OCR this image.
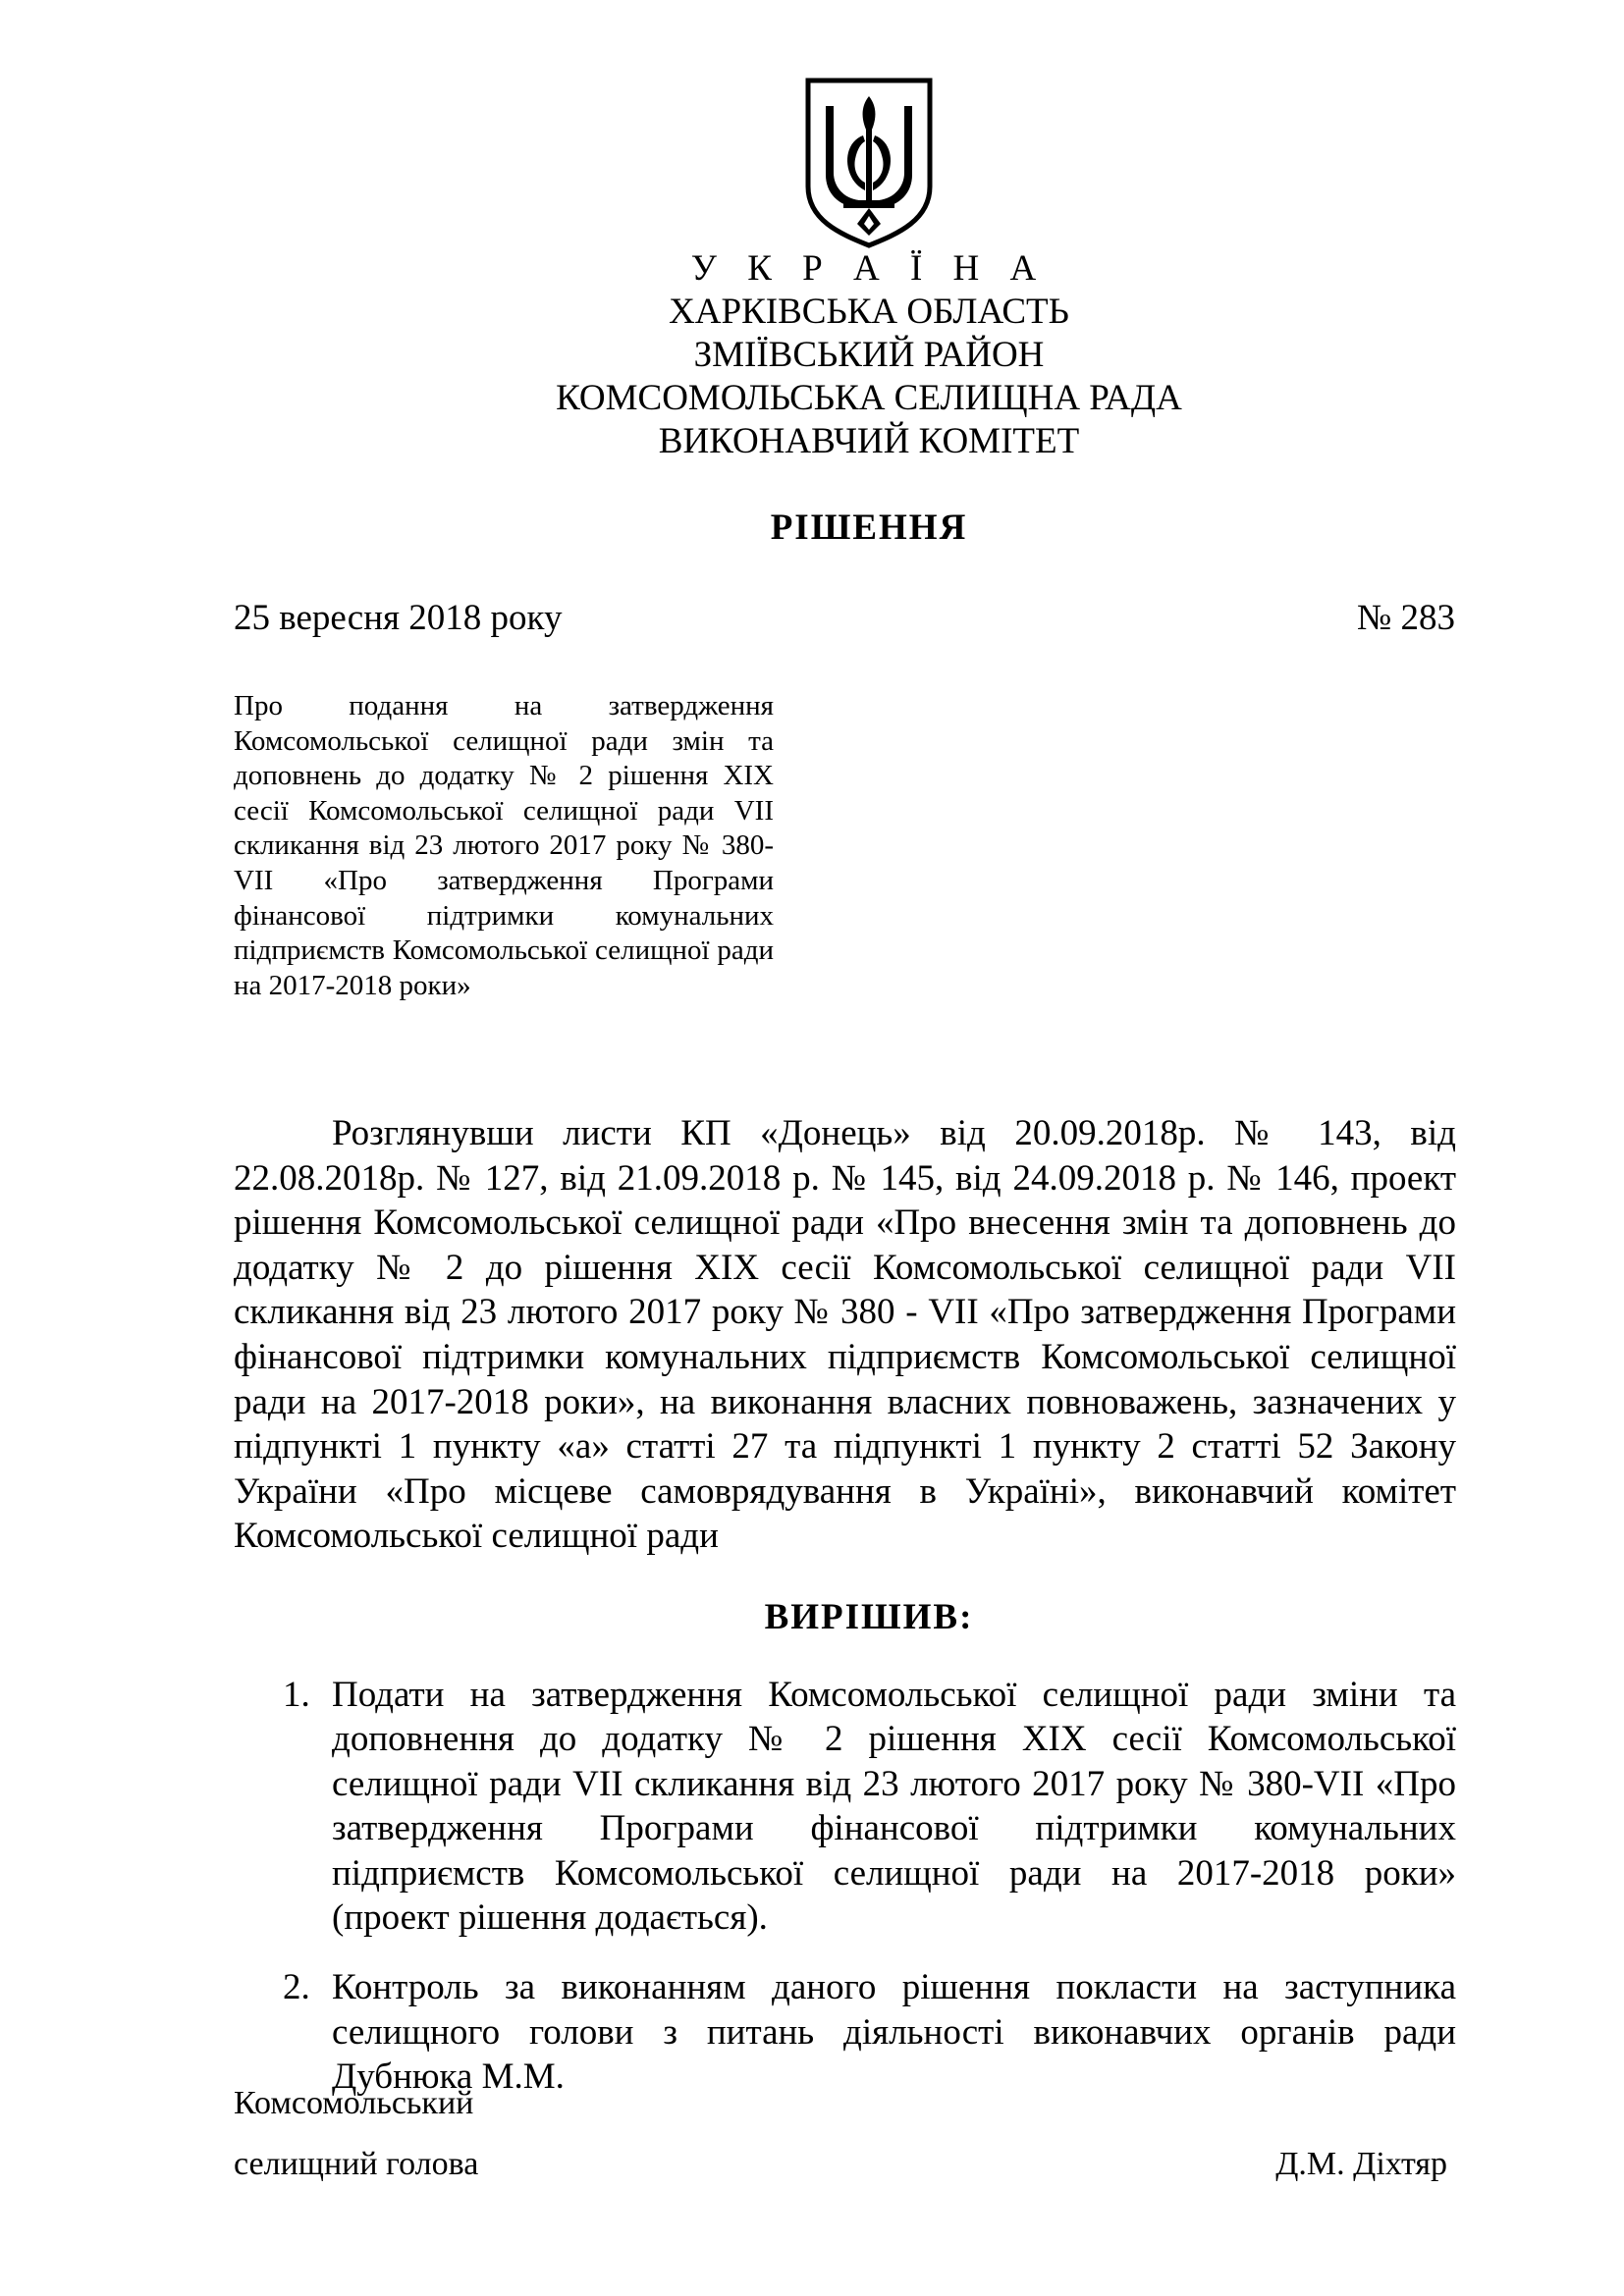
У К Р А Ї Н А
ХАРКІВСЬКА ОБЛАСТЬ
ЗМІЇВСЬКИЙ РАЙОН
КОМСОМОЛЬСЬКА СЕЛИЩНА РАДА
ВИКОНАВЧИЙ КОМІТЕТ
РІШЕННЯ
25 вересня 2018 року	№ 283
Про подання на затвердження Комсомольської селищної ради змін та доповнень до додатку № 2 рішення ХІХ сесії Комсомольської селищної ради VII скликання від 23 лютого 2017 року № 380-VII «Про затвердження Програми фінансової підтримки комунальних підприємств Комсомольської селищної ради на 2017-2018 роки»
Розглянувши листи КП «Донець» від 20.09.2018р. № 143, від 22.08.2018р. № 127, від 21.09.2018 р. № 145, від 24.09.2018 р. № 146, проект рішення Комсомольської селищної ради «Про внесення змін та доповнень до додатку № 2 до рішення ХІХ сесії Комсомольської селищної ради VII скликання від 23 лютого 2017 року № 380 - VII «Про затвердження Програми фінансової підтримки комунальних підприємств Комсомольської селищної ради на 2017-2018 роки», на виконання власних повноважень, зазначених у підпункті 1 пункту «а» статті 27 та підпункті 1 пункту 2 статті 52 Закону України «Про місцеве самоврядування в Україні», виконавчий комітет Комсомольської селищної ради
ВИРІШИВ:
1. Подати на затвердження Комсомольської селищної ради зміни та доповнення до додатку № 2 рішення ХІХ сесії Комсомольської селищної ради VII скликання від 23 лютого 2017 року № 380-VII «Про затвердження Програми фінансової підтримки комунальних підприємств Комсомольської селищної ради на 2017-2018 роки» (проект рішення додається).
2. Контроль за виконанням даного рішення покласти на заступника селищного голови з питань діяльності виконавчих органів ради Дубнюка М.М.
Комсомольський
селищний голова	Д.М. Діхтяр
